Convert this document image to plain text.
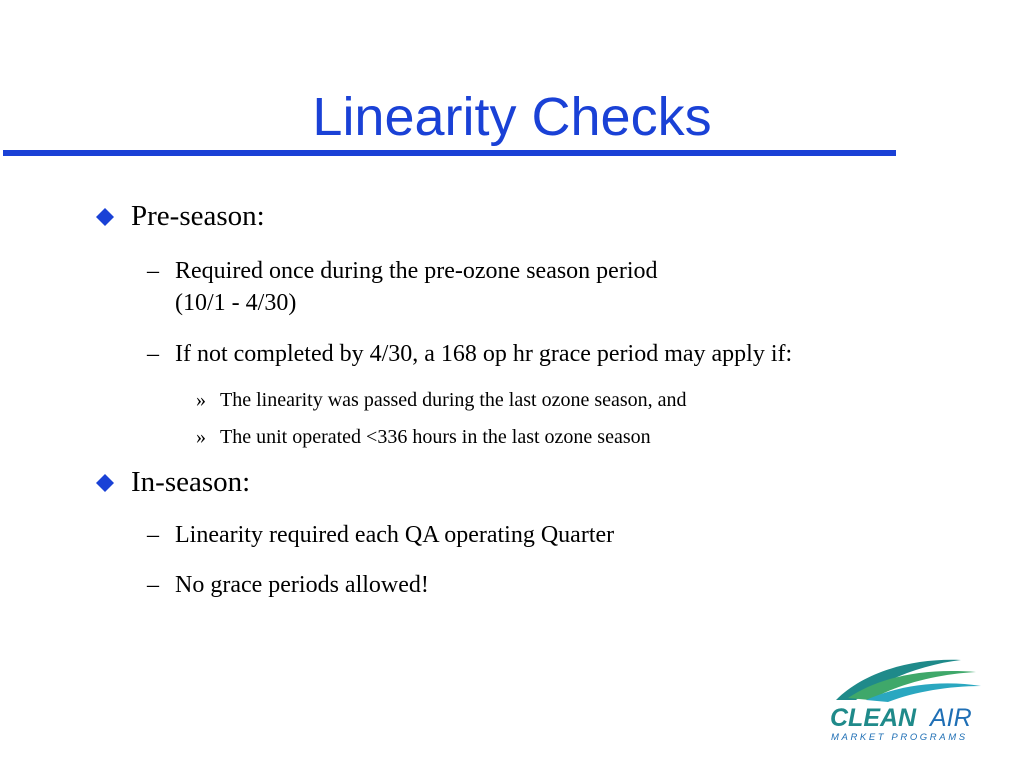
Linearity Checks
Pre-season:
– Required once during the pre-ozone season period
(10/1 - 4/30)
– If not completed by 4/30, a 168 op hr grace period may apply if:
» The linearity was passed during the last ozone season, and
» The unit operated <336 hours in the last ozone season
In-season:
– Linearity required each QA operating Quarter
– No grace periods allowed!
CLEAN AIR
MARKET PROGRAMS
